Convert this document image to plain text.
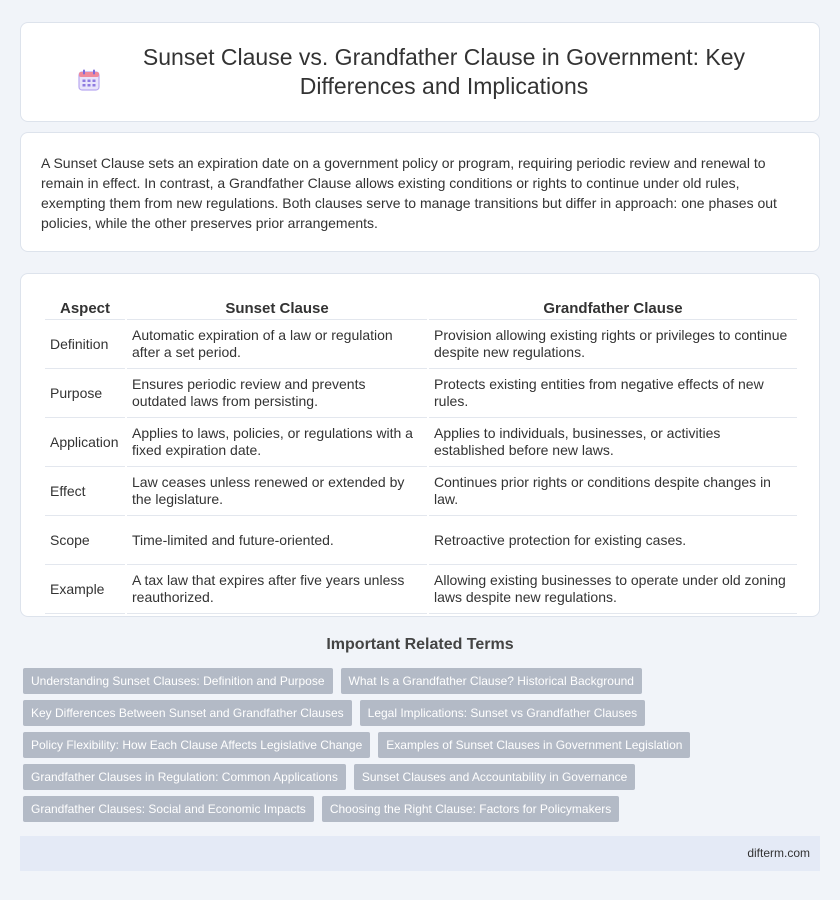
Sunset Clause vs. Grandfather Clause in Government: Key Differences and Implications

A Sunset Clause sets an expiration date on a government policy or program, requiring periodic review and renewal to remain in effect. In contrast, a Grandfather Clause allows existing conditions or rights to continue under old rules, exempting them from new regulations. Both clauses serve to manage transitions but differ in approach: one phases out policies, while the other preserves prior arrangements.

Aspect	Sunset Clause	Grandfather Clause
Definition	Automatic expiration of a law or regulation after a set period.	Provision allowing existing rights or privileges to continue despite new regulations.
Purpose	Ensures periodic review and prevents outdated laws from persisting.	Protects existing entities from negative effects of new rules.
Application	Applies to laws, policies, or regulations with a fixed expiration date.	Applies to individuals, businesses, or activities established before new laws.
Effect	Law ceases unless renewed or extended by the legislature.	Continues prior rights or conditions despite changes in law.
Scope	Time-limited and future-oriented.	Retroactive protection for existing cases.
Example	A tax law that expires after five years unless reauthorized.	Allowing existing businesses to operate under old zoning laws despite new regulations.
Important Related Terms
Understanding Sunset Clauses: Definition and Purpose	What Is a Grandfather Clause? Historical Background
Key Differences Between Sunset and Grandfather Clauses	Legal Implications: Sunset vs Grandfather Clauses
Policy Flexibility: How Each Clause Affects Legislative Change	Examples of Sunset Clauses in Government Legislation
Grandfather Clauses in Regulation: Common Applications	Sunset Clauses and Accountability in Governance
Grandfather Clauses: Social and Economic Impacts	Choosing the Right Clause: Factors for Policymakers
difterm.com
